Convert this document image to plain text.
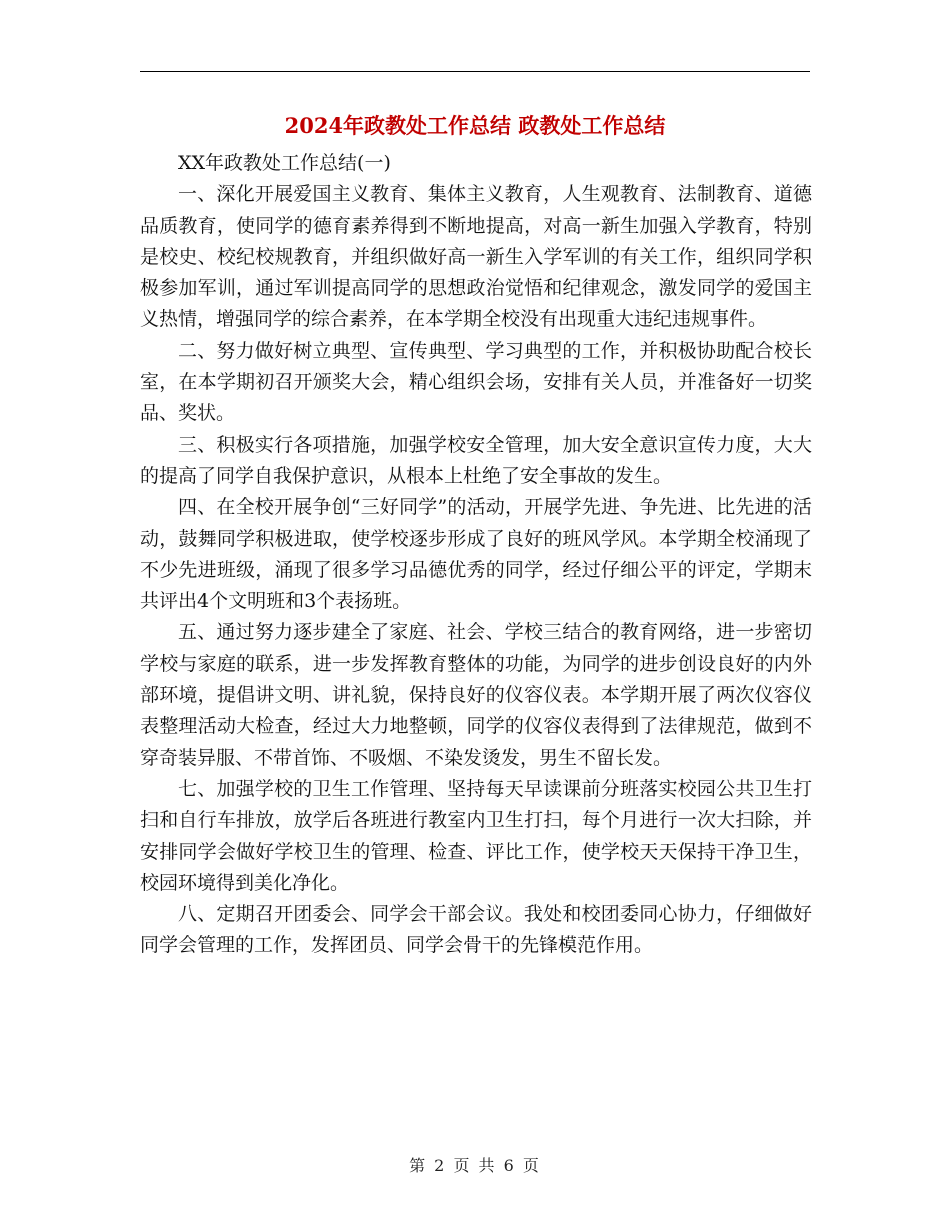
2024年政教处工作总结 政教处工作总结

XX年政教处工作总结(一)

一、深化开展爱国主义教育、集体主义教育，人生观教育、法制教育、道德品质教育，使同学的德育素养得到不断地提高，对高一新生加强入学教育，特别是校史、校纪校规教育，并组织做好高一新生入学军训的有关工作，组织同学积极参加军训，通过军训提高同学的思想政治觉悟和纪律观念，激发同学的爱国主义热情，增强同学的综合素养，在本学期全校没有出现重大违纪违规事件。

二、努力做好树立典型、宣传典型、学习典型的工作，并积极协助配合校长室，在本学期初召开颁奖大会，精心组织会场，安排有关人员，并准备好一切奖品、奖状。

三、积极实行各项措施，加强学校安全管理，加大安全意识宣传力度，大大的提高了同学自我保护意识，从根本上杜绝了安全事故的发生。

四、在全校开展争创“三好同学”的活动，开展学先进、争先进、比先进的活动，鼓舞同学积极进取，使学校逐步形成了良好的班风学风。本学期全校涌现了不少先进班级，涌现了很多学习品德优秀的同学，经过仔细公平的评定，学期末共评出4个文明班和3个表扬班。

五、通过努力逐步建全了家庭、社会、学校三结合的教育网络，进一步密切学校与家庭的联系，进一步发挥教育整体的功能，为同学的进步创设良好的内外部环境，提倡讲文明、讲礼貌，保持良好的仪容仪表。本学期开展了两次仪容仪表整理活动大检查，经过大力地整顿，同学的仪容仪表得到了法律规范，做到不穿奇装异服、不带首饰、不吸烟、不染发烫发，男生不留长发。

七、加强学校的卫生工作管理、坚持每天早读课前分班落实校园公共卫生打扫和自行车排放，放学后各班进行教室内卫生打扫，每个月进行一次大扫除，并安排同学会做好学校卫生的管理、检查、评比工作，使学校天天保持干净卫生，校园环境得到美化净化。

八、定期召开团委会、同学会干部会议。我处和校团委同心协力，仔细做好同学会管理的工作，发挥团员、同学会骨干的先锋模范作用。

第 2 页 共 6 页
